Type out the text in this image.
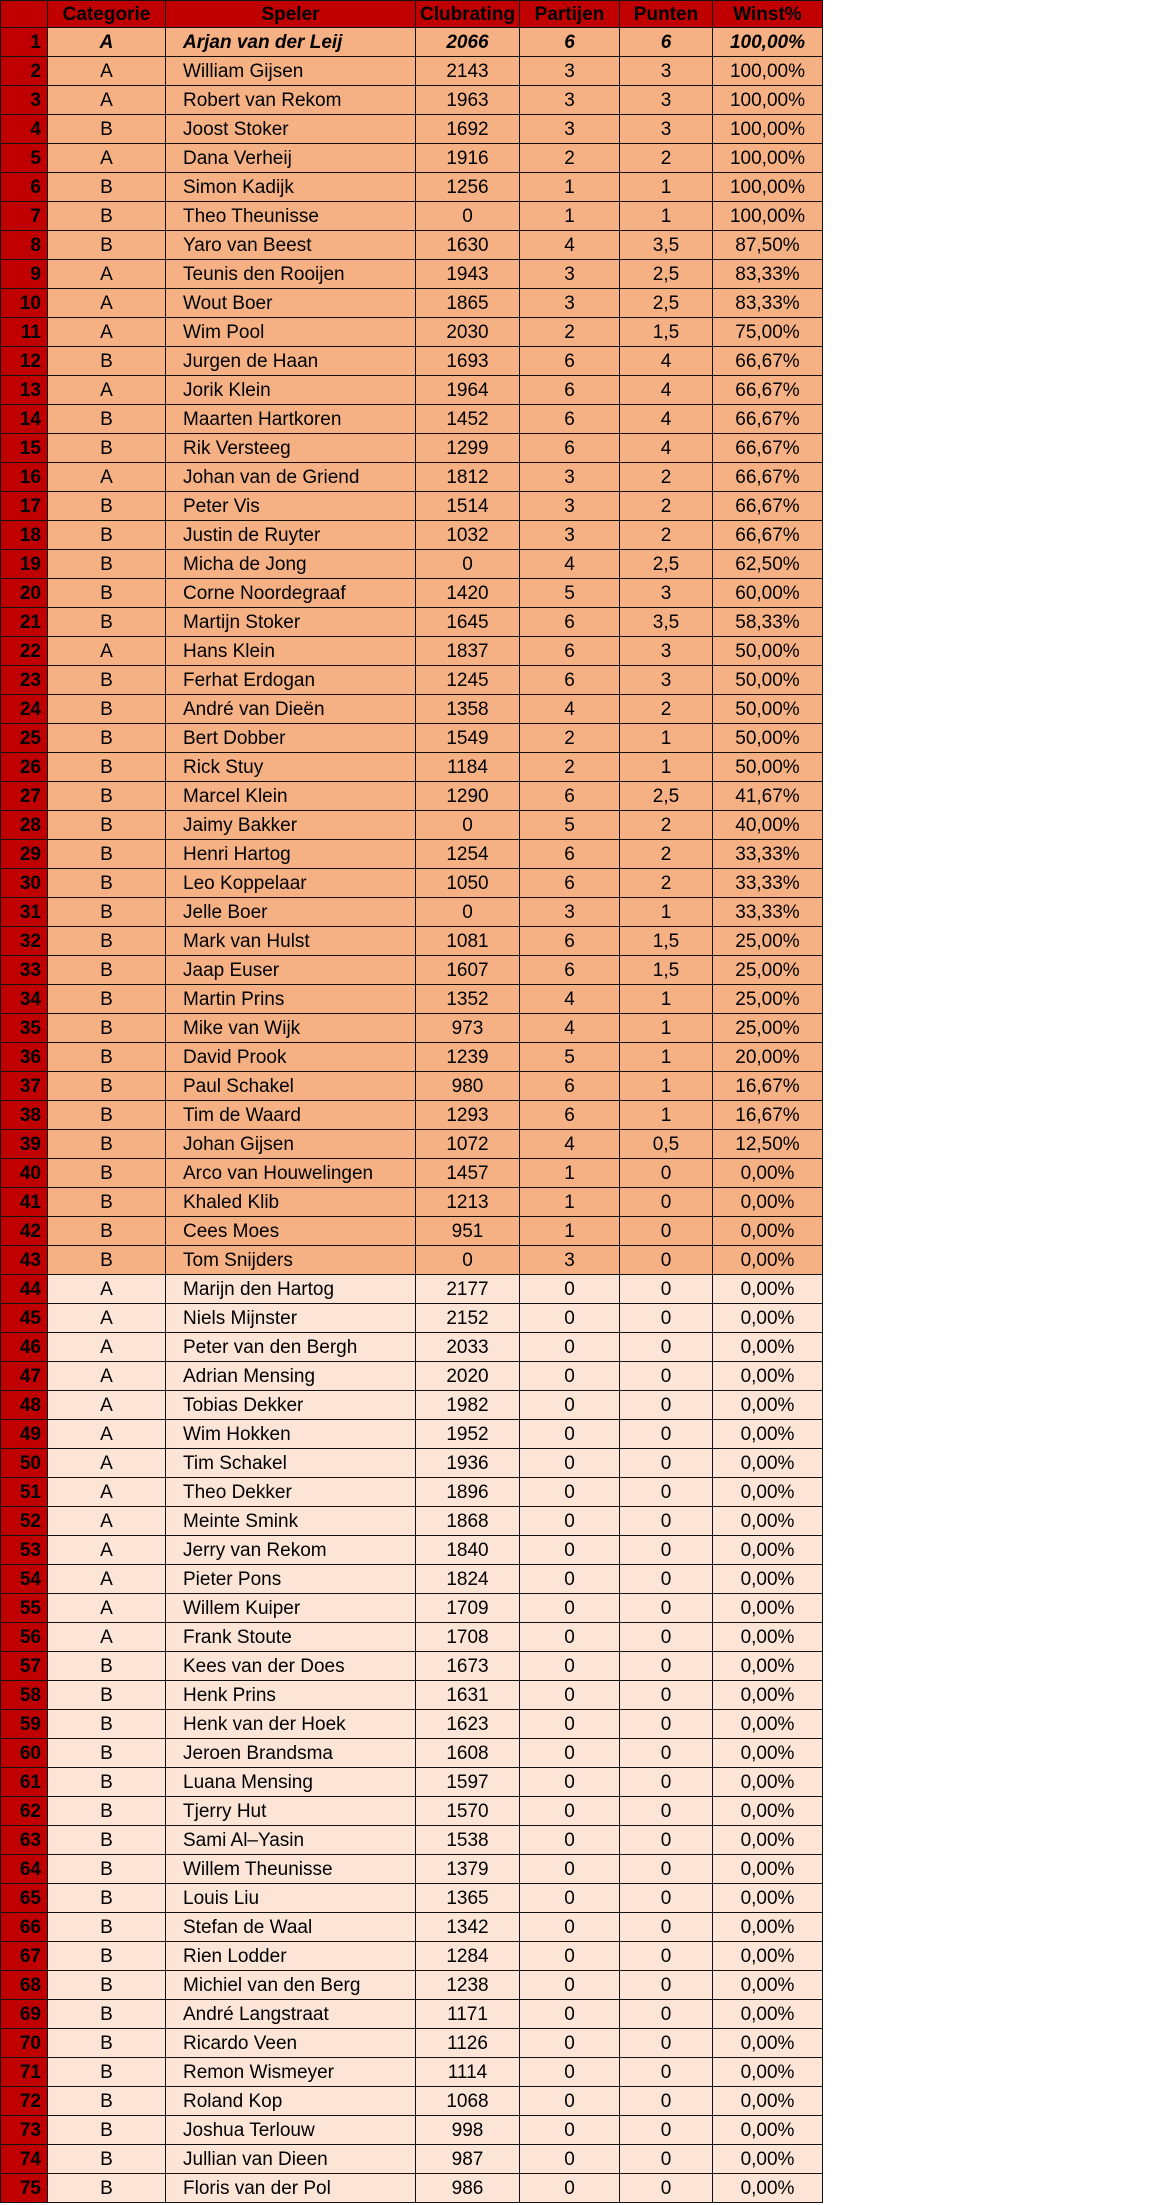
	Categorie	Speler	Clubrating	Partijen	Punten	Winst%
1	A	Arjan van der Leij	2066	6	6	100,00%
2	A	William Gijsen	2143	3	3	100,00%
3	A	Robert van Rekom	1963	3	3	100,00%
4	B	Joost Stoker	1692	3	3	100,00%
5	A	Dana Verheij	1916	2	2	100,00%
6	B	Simon Kadijk	1256	1	1	100,00%
7	B	Theo Theunisse	0	1	1	100,00%
8	B	Yaro van Beest	1630	4	3,5	87,50%
9	A	Teunis den Rooijen	1943	3	2,5	83,33%
10	A	Wout Boer	1865	3	2,5	83,33%
11	A	Wim Pool	2030	2	1,5	75,00%
12	B	Jurgen de Haan	1693	6	4	66,67%
13	A	Jorik Klein	1964	6	4	66,67%
14	B	Maarten Hartkoren	1452	6	4	66,67%
15	B	Rik Versteeg	1299	6	4	66,67%
16	A	Johan van de Griend	1812	3	2	66,67%
17	B	Peter Vis	1514	3	2	66,67%
18	B	Justin de Ruyter	1032	3	2	66,67%
19	B	Micha de Jong	0	4	2,5	62,50%
20	B	Corne Noordegraaf	1420	5	3	60,00%
21	B	Martijn Stoker	1645	6	3,5	58,33%
22	A	Hans Klein	1837	6	3	50,00%
23	B	Ferhat Erdogan	1245	6	3	50,00%
24	B	André van Dieën	1358	4	2	50,00%
25	B	Bert Dobber	1549	2	1	50,00%
26	B	Rick Stuy	1184	2	1	50,00%
27	B	Marcel Klein	1290	6	2,5	41,67%
28	B	Jaimy Bakker	0	5	2	40,00%
29	B	Henri Hartog	1254	6	2	33,33%
30	B	Leo Koppelaar	1050	6	2	33,33%
31	B	Jelle Boer	0	3	1	33,33%
32	B	Mark van Hulst	1081	6	1,5	25,00%
33	B	Jaap Euser	1607	6	1,5	25,00%
34	B	Martin Prins	1352	4	1	25,00%
35	B	Mike van Wijk	973	4	1	25,00%
36	B	David Prook	1239	5	1	20,00%
37	B	Paul Schakel	980	6	1	16,67%
38	B	Tim de Waard	1293	6	1	16,67%
39	B	Johan Gijsen	1072	4	0,5	12,50%
40	B	Arco van Houwelingen	1457	1	0	0,00%
41	B	Khaled Klib	1213	1	0	0,00%
42	B	Cees Moes	951	1	0	0,00%
43	B	Tom Snijders	0	3	0	0,00%
44	A	Marijn den Hartog	2177	0	0	0,00%
45	A	Niels Mijnster	2152	0	0	0,00%
46	A	Peter van den Bergh	2033	0	0	0,00%
47	A	Adrian Mensing	2020	0	0	0,00%
48	A	Tobias Dekker	1982	0	0	0,00%
49	A	Wim Hokken	1952	0	0	0,00%
50	A	Tim Schakel	1936	0	0	0,00%
51	A	Theo Dekker	1896	0	0	0,00%
52	A	Meinte Smink	1868	0	0	0,00%
53	A	Jerry van Rekom	1840	0	0	0,00%
54	A	Pieter Pons	1824	0	0	0,00%
55	A	Willem Kuiper	1709	0	0	0,00%
56	A	Frank Stoute	1708	0	0	0,00%
57	B	Kees van der Does	1673	0	0	0,00%
58	B	Henk Prins	1631	0	0	0,00%
59	B	Henk van der Hoek	1623	0	0	0,00%
60	B	Jeroen Brandsma	1608	0	0	0,00%
61	B	Luana Mensing	1597	0	0	0,00%
62	B	Tjerry Hut	1570	0	0	0,00%
63	B	Sami Al–Yasin	1538	0	0	0,00%
64	B	Willem Theunisse	1379	0	0	0,00%
65	B	Louis Liu	1365	0	0	0,00%
66	B	Stefan de Waal	1342	0	0	0,00%
67	B	Rien Lodder	1284	0	0	0,00%
68	B	Michiel van den Berg	1238	0	0	0,00%
69	B	André Langstraat	1171	0	0	0,00%
70	B	Ricardo Veen	1126	0	0	0,00%
71	B	Remon Wismeyer	1114	0	0	0,00%
72	B	Roland Kop	1068	0	0	0,00%
73	B	Joshua Terlouw	998	0	0	0,00%
74	B	Jullian van Dieen	987	0	0	0,00%
75	B	Floris van der Pol	986	0	0	0,00%
